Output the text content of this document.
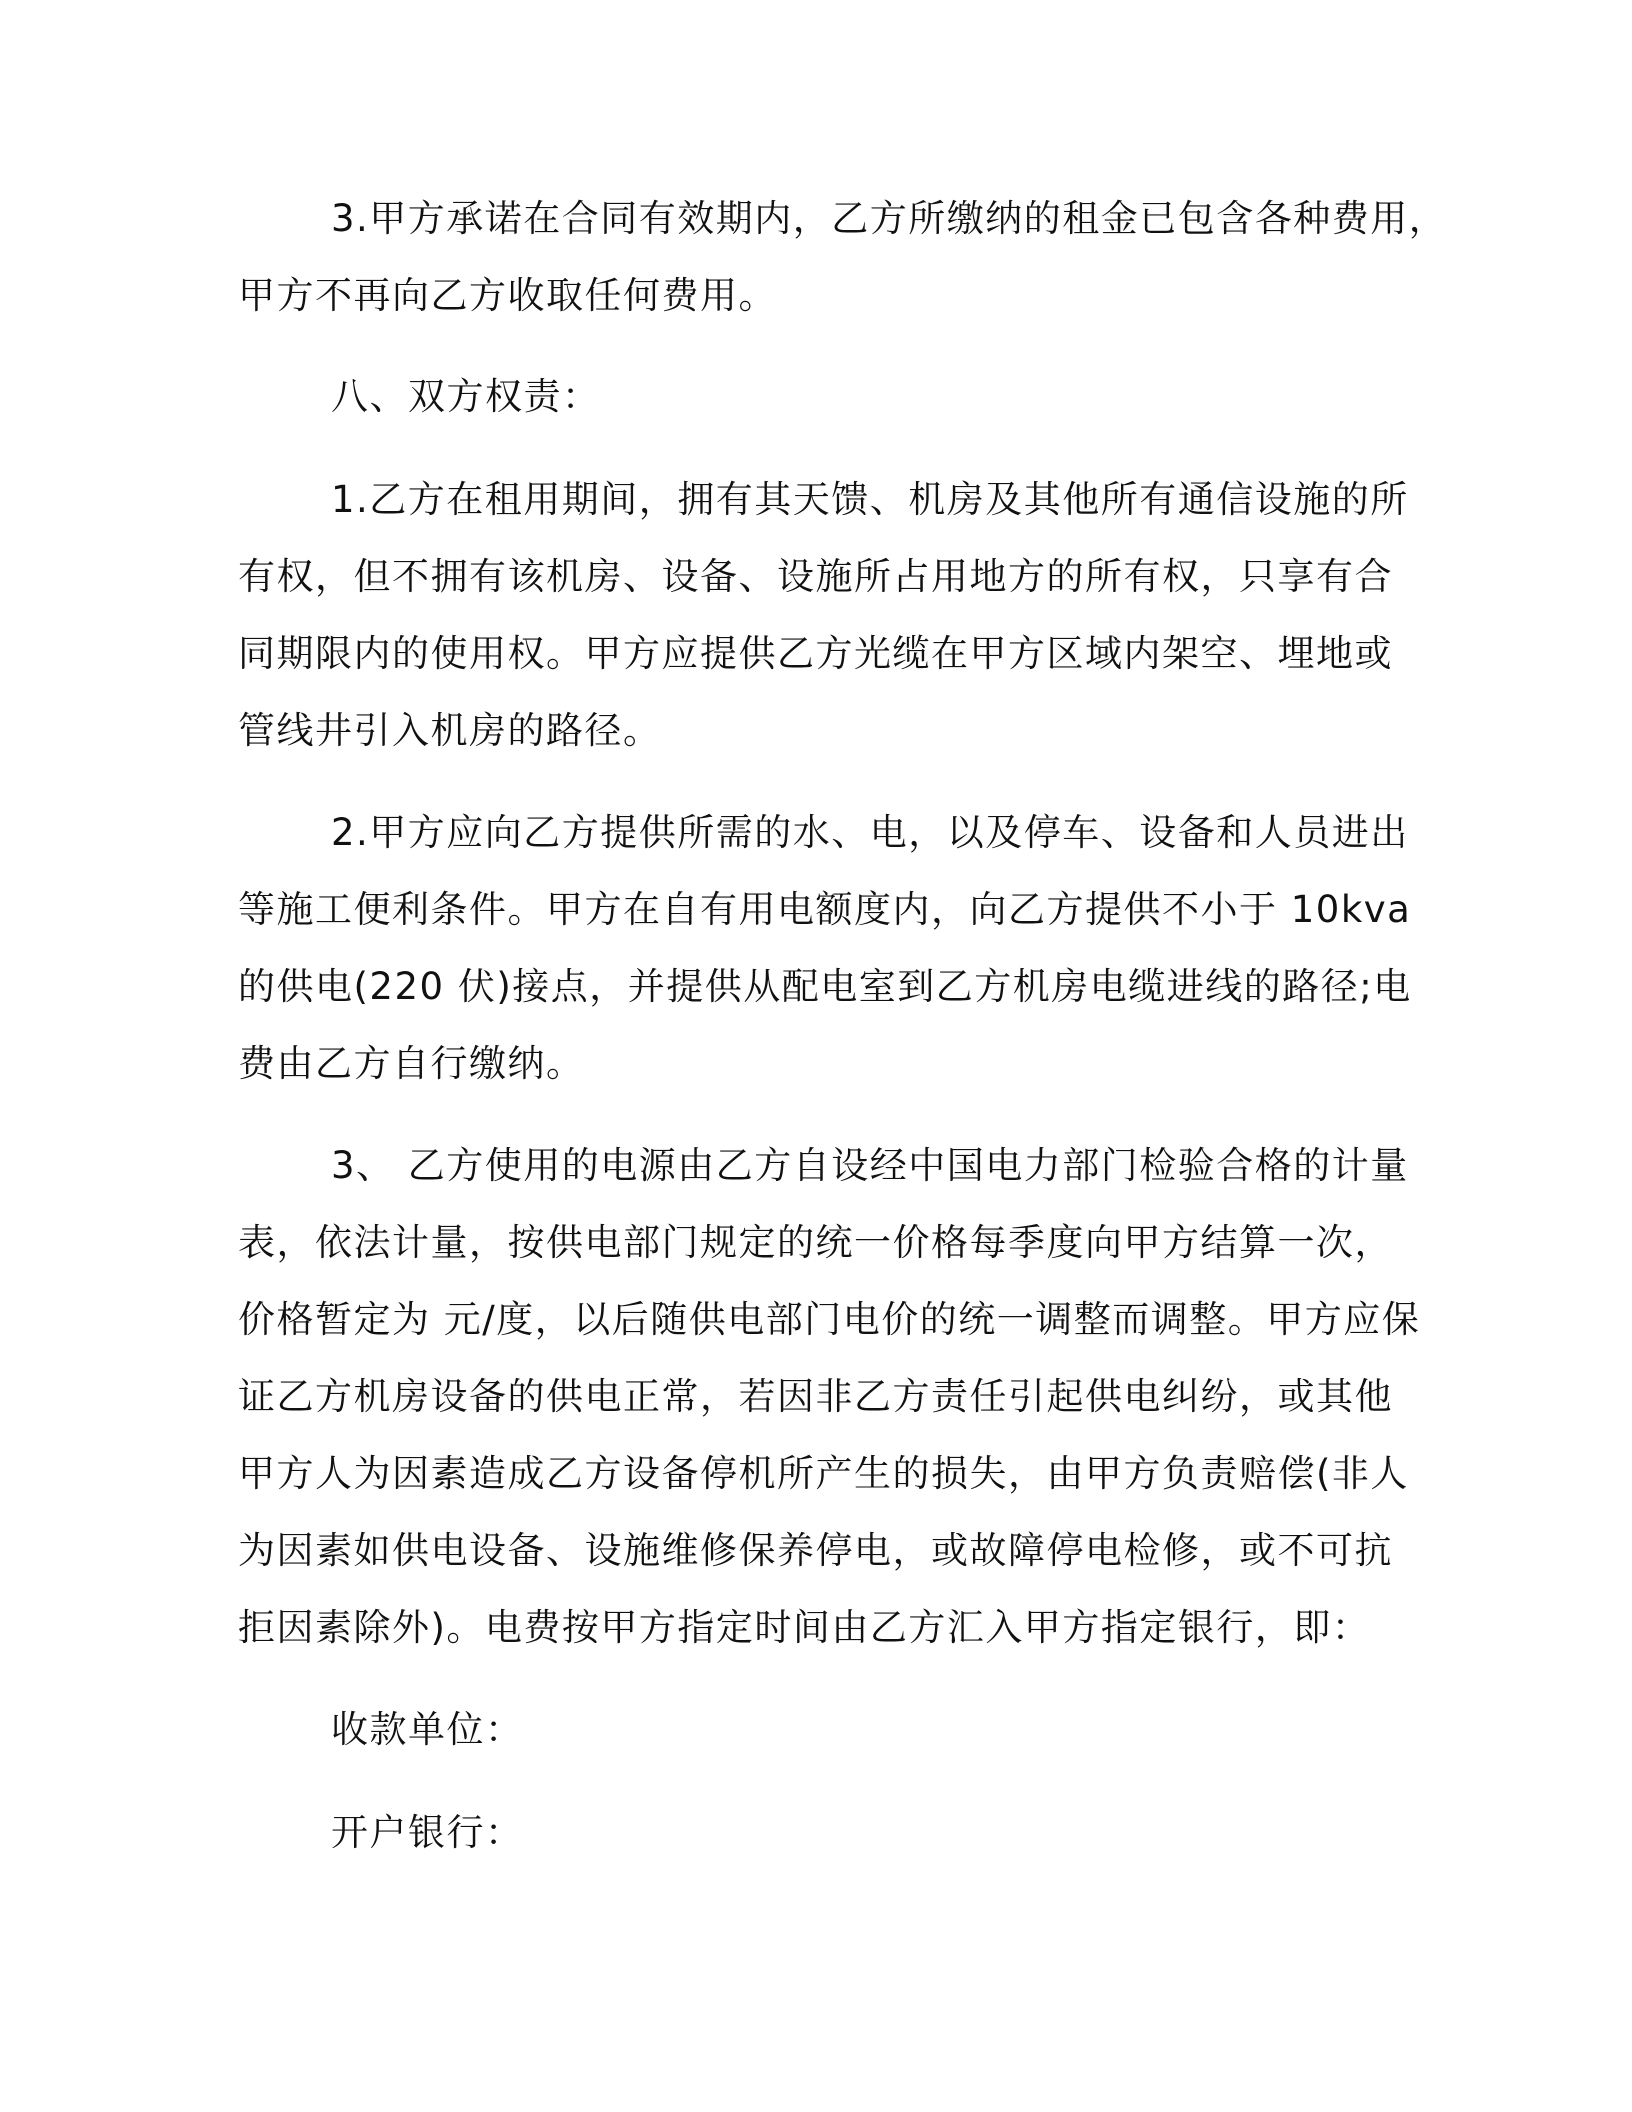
3.甲方承诺在合同有效期内，乙方所缴纳的租金已包含各种费用，
甲方不再向乙方收取任何费用。
八、双方权责：
1.乙方在租用期间，拥有其天馈、机房及其他所有通信设施的所
有权，但不拥有该机房、设备、设施所占用地方的所有权，只享有合
同期限内的使用权。甲方应提供乙方光缆在甲方区域内架空、埋地或
管线井引入机房的路径。
2.甲方应向乙方提供所需的水、电，以及停车、设备和人员进出
等施工便利条件。甲方在自有用电额度内，向乙方提供不小于 10kva
的供电(220 伏)接点，并提供从配电室到乙方机房电缆进线的路径;电
费由乙方自行缴纳。
3、 乙方使用的电源由乙方自设经中国电力部门检验合格的计量
表，依法计量，按供电部门规定的统一价格每季度向甲方结算一次，
价格暂定为 元/度，以后随供电部门电价的统一调整而调整。甲方应保
证乙方机房设备的供电正常，若因非乙方责任引起供电纠纷，或其他
甲方人为因素造成乙方设备停机所产生的损失，由甲方负责赔偿(非人
为因素如供电设备、设施维修保养停电，或故障停电检修，或不可抗
拒因素除外)。电费按甲方指定时间由乙方汇入甲方指定银行，即：
收款单位：
开户银行：
